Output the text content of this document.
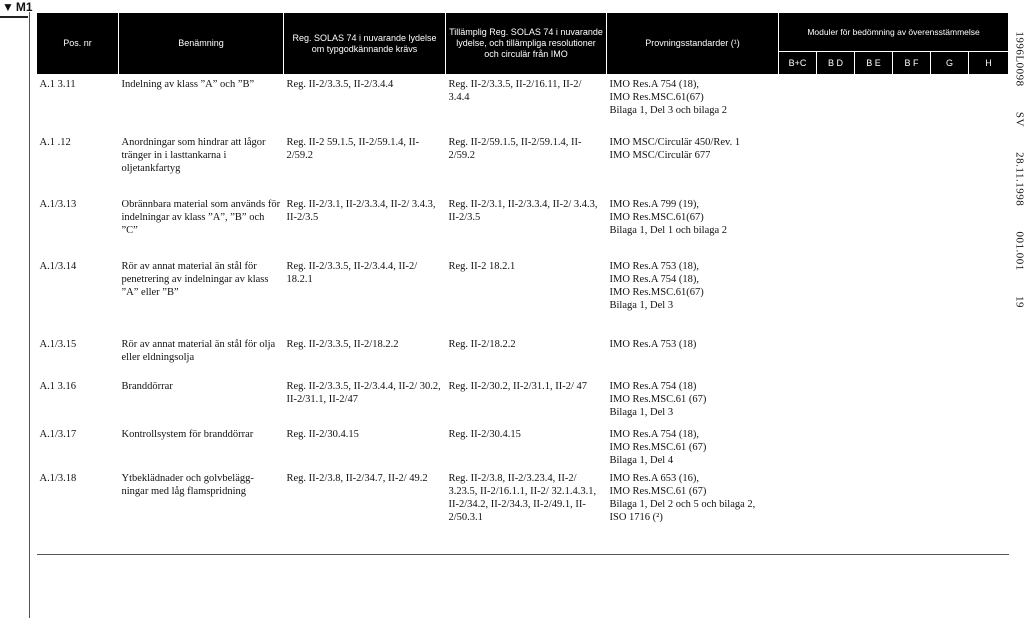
▼ M1
Pos. nr	Benämning	Reg. SOLAS 74 i nuvarande lydelse om typgodkännande krävs	Tillämplig Reg. SOLAS 74 i nuvarande lydelse, och tillämpliga resolutioner och circulär från IMO	Provningsstandarder (¹)	Moduler för bedömning av överensstämmelse					
					B+C	B D	B E	B F	G	H
A.1 3.11	Indelning av klass ”A” och ”B”	Reg. II-2/3.3.5, II-2/3.4.4	Reg. II-2/3.3.5, II-2/16.11, II-2/ 3.4.4	IMO Res.A 754 (18),
IMO Res.MSC.61(67)
Bilaga 1, Del 3 och bilaga 2						

A.1 .12	Anordningar som hindrar att lågor tränger in i lasttankarna i oljetankfartyg	Reg. II-2 59.1.5, II-2/59.1.4, II-2/59.2	Reg. II-2/59.1.5, II-2/59.1.4, II-2/59.2	IMO MSC/Circulär 450/Rev. 1
IMO MSC/Circulär 677						

A.1/3.13	Obrännbara material som används för indelningar av klass ”A”, ”B” och ”C”	Reg. II-2/3.1, II-2/3.3.4, II-2/ 3.4.3, II-2/3.5	Reg. II-2/3.1, II-2/3.3.4, II-2/ 3.4.3, II-2/3.5	IMO Res.A 799 (19),
IMO Res.MSC.61(67)
Bilaga 1, Del 1 och bilaga 2						

A.1/3.14	Rör av annat material än stål för penetrering av indelningar av klass ”A” eller ”B”	Reg. II-2/3.3.5, II-2/3.4.4, II-2/ 18.2.1	Reg. II-2 18.2.1	IMO Res.A 753 (18),
IMO Res.A 754 (18),
IMO Res.MSC.61(67)
Bilaga 1, Del 3						

A.1/3.15	Rör av annat material än stål för olja eller eldningsolja	Reg. II-2/3.3.5, II-2/18.2.2	Reg. II-2/18.2.2	IMO Res.A 753 (18)						

A.1 3.16	Branddörrar	Reg. II-2/3.3.5, II-2/3.4.4, II-2/ 30.2, II-2/31.1, II-2/47	Reg. II-2/30.2, II-2/31.1, II-2/ 47	IMO Res.A 754 (18)
IMO Res.MSC.61 (67)
Bilaga 1, Del 3						

A.1/3.17	Kontrollsystem för branddörrar	Reg. II-2/30.4.15	Reg. II-2/30.4.15	IMO Res.A 754 (18),
IMO Res.MSC.61 (67)
Bilaga 1, Del 4						

A.1/3.18	Ytbeklädnader och golvbelägg-ningar med låg flamspridning	Reg. II-2/3.8, II-2/34.7, II-2/ 49.2	Reg. II-2/3.8, II-2/3.23.4, II-2/ 3.23.5, II-2/16.1.1, II-2/ 32.1.4.3.1, II-2/34.2, II-2/34.3, II-2/49.1, II-2/50.3.1	IMO Res.A 653 (16),
IMO Res.MSC.61 (67)
Bilaga 1, Del 2 och 5 och bilaga 2,
ISO 1716 (²)						

1996L0098 SV 28.11.1998 001.001 19
